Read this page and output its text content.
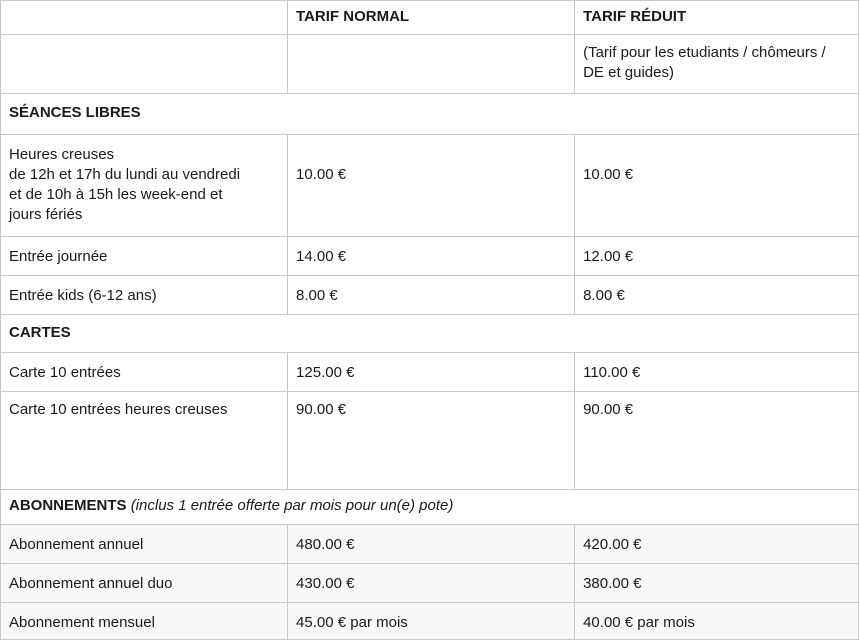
	TARIF NORMAL	TARIF RÉDUIT
		(Tarif pour les etudiants / chômeurs / DE et guides)
SÉANCES LIBRES		

Heures creuses
de 12h et 17h du lundi au vendredi
et de 10h à 15h les week-end et
jours fériés	10.00 €	10.00 €
Entrée journée	14.00 €	12.00 €
Entrée kids (6-12 ans)	8.00 €	8.00 €
CARTES		
Carte 10 entrées	125.00 €	110.00 €
Carte 10 entrées heures creuses	90.00 €	90.00 €
ABONNEMENTS (inclus 1 entrée offerte par mois pour un(e) pote)		
Abonnement annuel	480.00 €	420.00 €
Abonnement annuel duo	430.00 €	380.00 €
Abonnement mensuel	45.00 € par mois	40.00 € par mois
